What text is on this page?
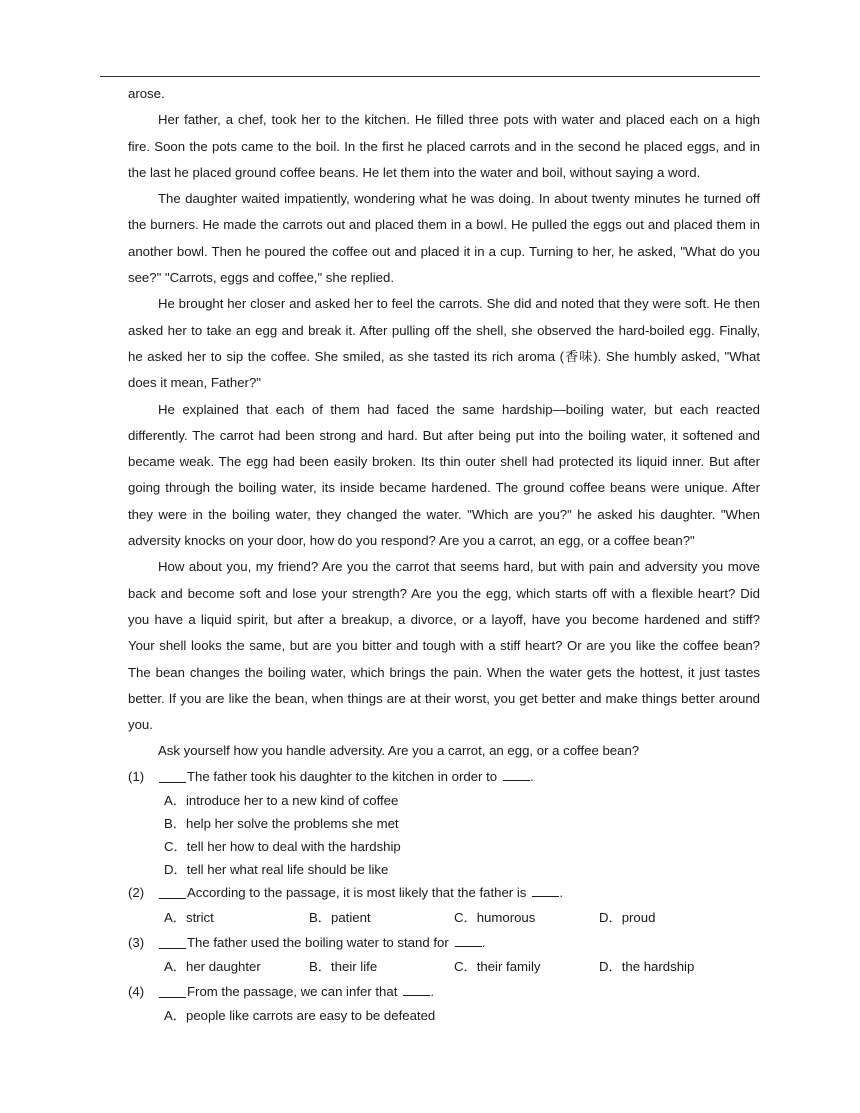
arose.

Her father, a chef, took her to the kitchen. He filled three pots with water and placed each on a high fire. Soon the pots came to the boil. In the first he placed carrots and in the second he placed eggs, and in the last he placed ground coffee beans. He let them into the water and boil, without saying a word.

The daughter waited impatiently, wondering what he was doing. In about twenty minutes he turned off the burners. He made the carrots out and placed them in a bowl. He pulled the eggs out and placed them in another bowl. Then he poured the coffee out and placed it in a cup. Turning to her, he asked, "What do you see?" "Carrots, eggs and coffee," she replied.

He brought her closer and asked her to feel the carrots. She did and noted that they were soft. He then asked her to take an egg and break it. After pulling off the shell, she observed the hard-boiled egg. Finally, he asked her to sip the coffee. She smiled, as she tasted its rich aroma (香味). She humbly asked, "What does it mean, Father?"

He explained that each of them had faced the same hardship—boiling water, but each reacted differently. The carrot had been strong and hard. But after being put into the boiling water, it softened and became weak. The egg had been easily broken. Its thin outer shell had protected its liquid inner. But after going through the boiling water, its inside became hardened. The ground coffee beans were unique. After they were in the boiling water, they changed the water. "Which are you?" he asked his daughter. "When adversity knocks on your door, how do you respond? Are you a carrot, an egg, or a coffee bean?"

How about you, my friend? Are you the carrot that seems hard, but with pain and adversity you move back and become soft and lose your strength? Are you the egg, which starts off with a flexible heart? Did you have a liquid spirit, but after a breakup, a divorce, or a layoff, have you become hardened and stiff? Your shell looks the same, but are you bitter and tough with a stiff heart? Or are you like the coffee bean? The bean changes the boiling water, which brings the pain. When the water gets the hottest, it just tastes better. If you are like the bean, when things are at their worst, you get better and make things better around you.

Ask yourself how you handle adversity. Are you a carrot, an egg, or a coffee bean?

(1)	The father took his daughter to the kitchen in order to	.
A．introduce her to a new kind of coffee
B．help her solve the problems she met
C．tell her how to deal with the hardship
D．tell her what real life should be like
(2)	According to the passage, it is most likely that the father is	.
A．strict	B．patient	C．humorous	D．proud
(3)	The father used the boiling water to stand for	.
A．her daughter	B．their life	C．their family	D．the hardship
(4)	From the passage, we can infer that	.
A．people like carrots are easy to be defeated
